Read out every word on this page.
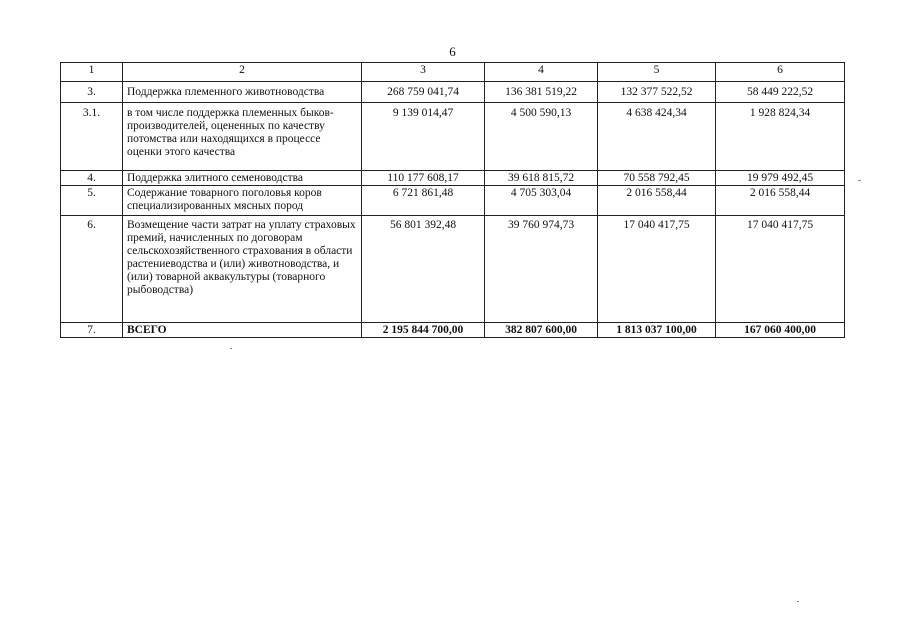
6
1	2	3	4	5	6
3.	Поддержка племенного животноводства	268 759 041,74	136 381 519,22	132 377 522,52	58 449 222,52
3.1.	в том числе поддержка племенных быков-производителей, оцененных по качеству потомства или находящихся в процессе оценки этого качества	9 139 014,47	4 500 590,13	4 638 424,34	1 928 824,34
4.	Поддержка элитного семеноводства	110 177 608,17	39 618 815,72	70 558 792,45	19 979 492,45
5.	Содержание товарного поголовья коров специализированных мясных пород	6 721 861,48	4 705 303,04	2 016 558,44	2 016 558,44
6.	Возмещение части затрат на уплату страховых премий, начисленных по договорам сельскохозяйственного страхования в области растениеводства и (или) животноводства, и (или) товарной аквакультуры (товарного рыбоводства)	56 801 392,48	39 760 974,73	17 040 417,75	17 040 417,75
7.	ВСЕГО	2 195 844 700,00	382 807 600,00	1 813 037 100,00	167 060 400,00
